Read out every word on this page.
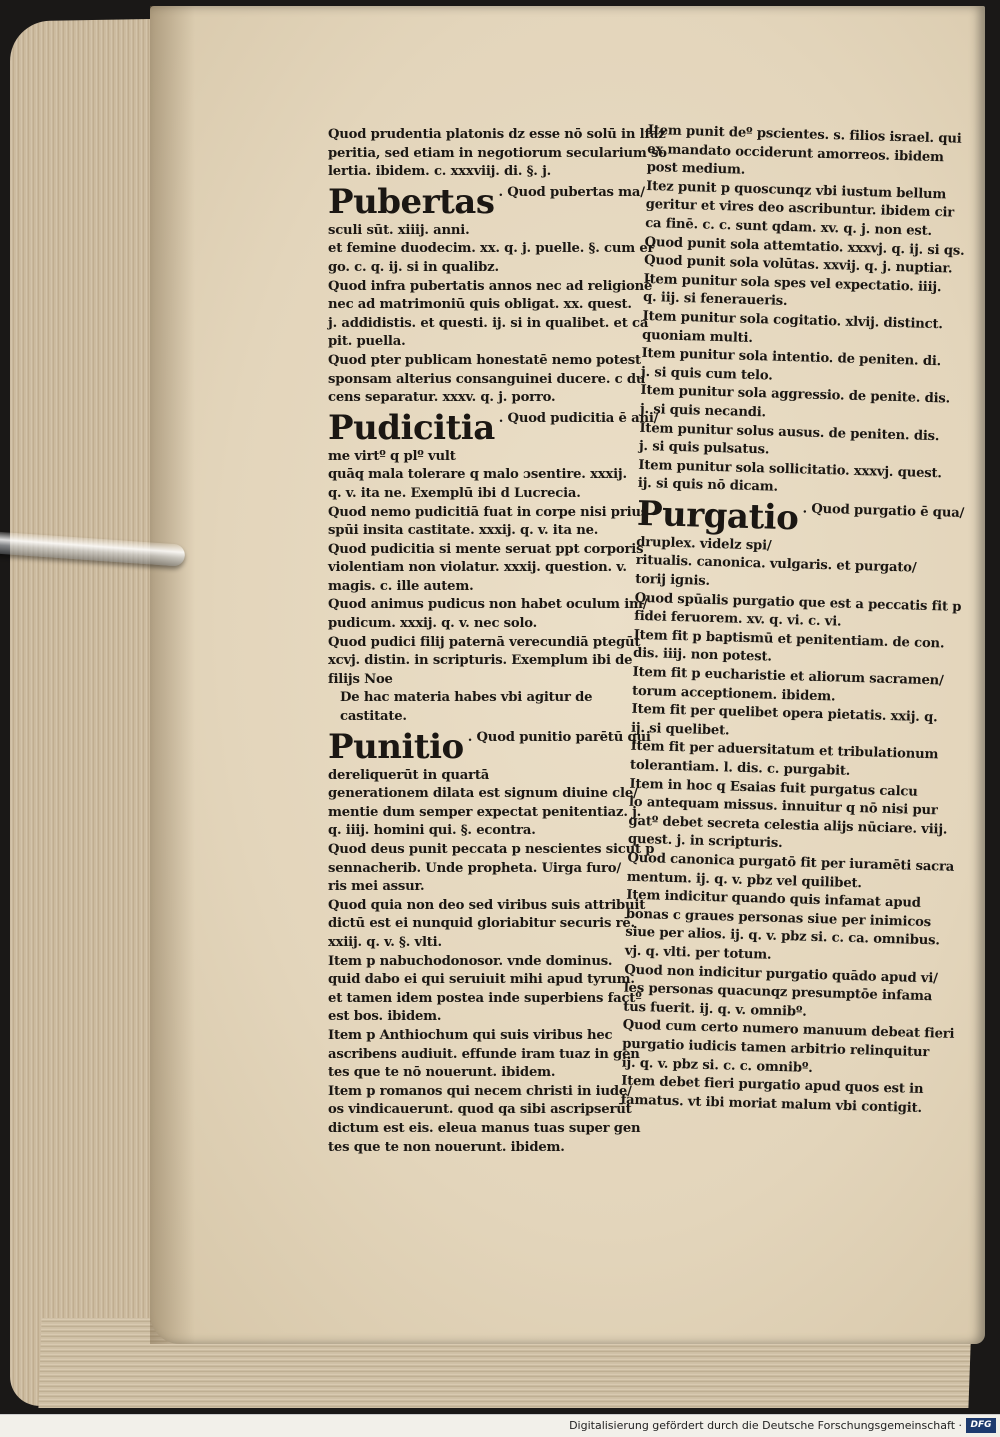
Quod prudentia platonis dz esse nō solū in lfaz
peritia, sed etiam in negotiorum secularium so
lertia. ibidem. c. xxxviij. di. §. j.
Pubertas . Quod pubertas ma/
sculi sūt. xiiij. anni.
et femine duodecim. xx. q. j. puelle. §. cum er
go. c. q. ij. si in qualibz.
Quod infra pubertatis annos nec ad religionē
nec ad matrimoniū quis obligat. xx. quest.
j. addidistis. et questi. ij. si in qualibet. et ca
pit. puella.
Quod pter publicam honestatē nemo potest
sponsam alterius consanguinei ducere. c du
cens separatur. xxxv. q. j. porro.
Pudicitia . Quod pudicitia ē ani/
me virtº q plº vult
quāq mala tolerare q malo ɔsentire. xxxij.
q. v. ita ne. Exemplū ibi d Lucrecia.
Quod nemo pudicitiā fuat in corpe nisi prius
spūi insita castitate. xxxij. q. v. ita ne.
Quod pudicitia si mente seruat ppt corporis
violentiam non violatur. xxxij. question. v.
magis. c. ille autem.
Quod animus pudicus non habet oculum im/
pudicum. xxxij. q. v. nec solo.
Quod pudici filij paternā verecundiā ptegūt
xcvj. distin. in scripturis. Exemplum ibi de
filijs Noe
De hac materia habes vbi agitur de
castitate.
Punitio . Quod punitio parētū qui
dereliquerūt in quartā
generationem dilata est signum diuine cle/
mentie dum semper expectat penitentiaz. j.
q. iiij. homini qui. §. econtra.
Quod deus punit peccata p nescientes sicut p
sennacherib. Unde propheta. Uirga furo/
ris mei assur.
Quod quia non deo sed viribus suis attribuit
dictū est ei nunquid gloriabitur securis rē.
xxiij. q. v. §. vlti.
Item p nabuchodonosor. vnde dominus.
quid dabo ei qui seruiuit mihi apud tyrum.
et tamen idem postea inde superbiens factº
est bos. ibidem.
Item p Anthiochum qui suis viribus hec
ascribens audiuit. effunde iram tuaz in gen
tes que te nō nouerunt. ibidem.
Item p romanos qui necem christi in iude/
os vindicauerunt. quod qa sibi ascripserūt
dictum est eis. eleua manus tuas super gen
tes que te non nouerunt. ibidem.
Item punit deº pscientes. s. filios israel. qui
ex mandato occiderunt amorreos. ibidem
post medium.
Itez punit p quoscunqz vbi iustum bellum
geritur et vires deo ascribuntur. ibidem cir
ca finē. c. c. sunt qdam. xv. q. j. non est.
Quod punit sola attemtatio. xxxvj. q. ij. si qs.
Quod punit sola volūtas. xxvij. q. j. nuptiar.
Item punitur sola spes vel expectatio. iiij.
q. iij. si feneraueris.
Item punitur sola cogitatio. xlvij. distinct.
quoniam multi.
Item punitur sola intentio. de peniten. di.
j. si quis cum telo.
Item punitur sola aggressio. de penite. dis.
j. si quis necandi.
Item punitur solus ausus. de peniten. dis.
j. si quis pulsatus.
Item punitur sola sollicitatio. xxxvj. quest.
ij. si quis nō dicam.
Purgatio . Quod purgatio ē qua/
druplex. videlz spi/
ritualis. canonica. vulgaris. et purgato/
torij ignis.
Quod spūalis purgatio que est a peccatis fit p
fidei feruorem. xv. q. vi. c. vi.
Item fit p baptismū et penitentiam. de con.
dis. iiij. non potest.
Item fit p eucharistie et aliorum sacramen/
torum acceptionem. ibidem.
Item fit per quelibet opera pietatis. xxij. q.
ij. si quelibet.
Item fit per aduersitatum et tribulationum
tolerantiam. l. dis. c. purgabit.
Item in hoc q Esaias fuit purgatus calcu
lo antequam missus. innuitur q nō nisi pur
gatº debet secreta celestia alijs nūciare. viij.
quest. j. in scripturis.
Quod canonica purgatō fit per iuramēti sacra
mentum. ij. q. v. pbz vel quilibet.
Item indicitur quando quis infamat apud
bonas c graues personas siue per inimicos
siue per alios. ij. q. v. pbz si. c. ca. omnibus.
vj. q. vlti. per totum.
Quod non indicitur purgatio quādo apud vi/
les personas quacunqz presumptōe infama
tus fuerit. ij. q. v. omnibº.
Quod cum certo numero manuum debeat fieri
purgatio iudicis tamen arbitrio relinquitur
ij. q. v. pbz si. c. c. omnibº.
Item debet fieri purgatio apud quos est in
famatus. vt ibi moriat malum vbi contigit.
Digitalisierung gefördert durch die Deutsche Forschungsgemeinschaft · DFG
